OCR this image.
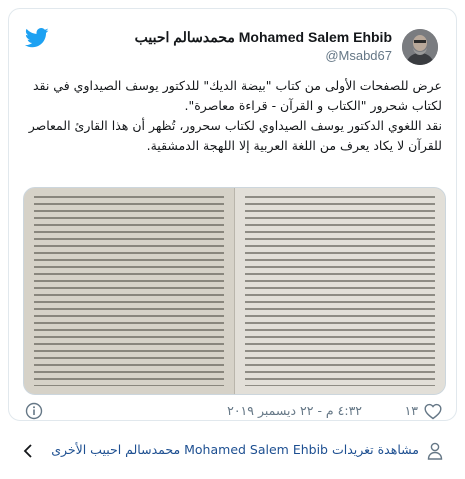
Mohamed Salem Ehbib محمدسالم احبيب
@Msabd67

عرض للصفحات الأولى من كتاب "بيضة الديك" للدكتور يوسف الصيداوي في نقد لكتاب شحرور "الكتاب و القرآن - قراءة معاصرة".

نقد اللغوي الدكتور يوسف الصيداوي لكتاب سحرور، تُظهر أن هذا القارئ المعاصر للقرآن لا يكاد يعرف من اللغة العربية إلا اللهجة الدمشقية.

٤:٣٢ م - ٢٢ ديسمبر ٢٠١٩	١٣
مشاهدة تغريدات Mohamed Salem Ehbib محمدسالم احبيب الأخرى
